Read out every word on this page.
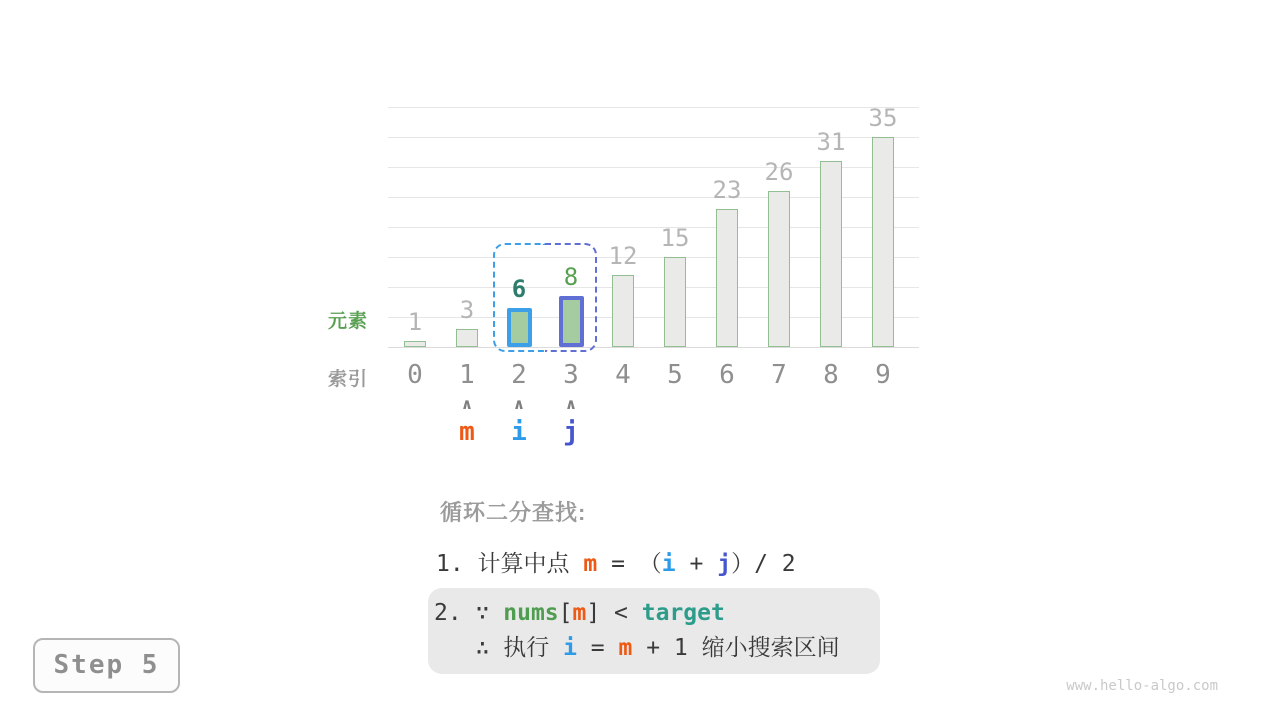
1
0
3
1
6
2
8
3
12
4
15
5
23
6
26
7
31
8
35
9
元素
索引
∧
m
∧
i
∧
j
循环二分查找:
1. 计算中点 m = （i + j）/ 2
2. ∵ nums[m] < target
∴ 执行 i = m + 1 缩小搜索区间
Step 5
www.hello-algo.com
